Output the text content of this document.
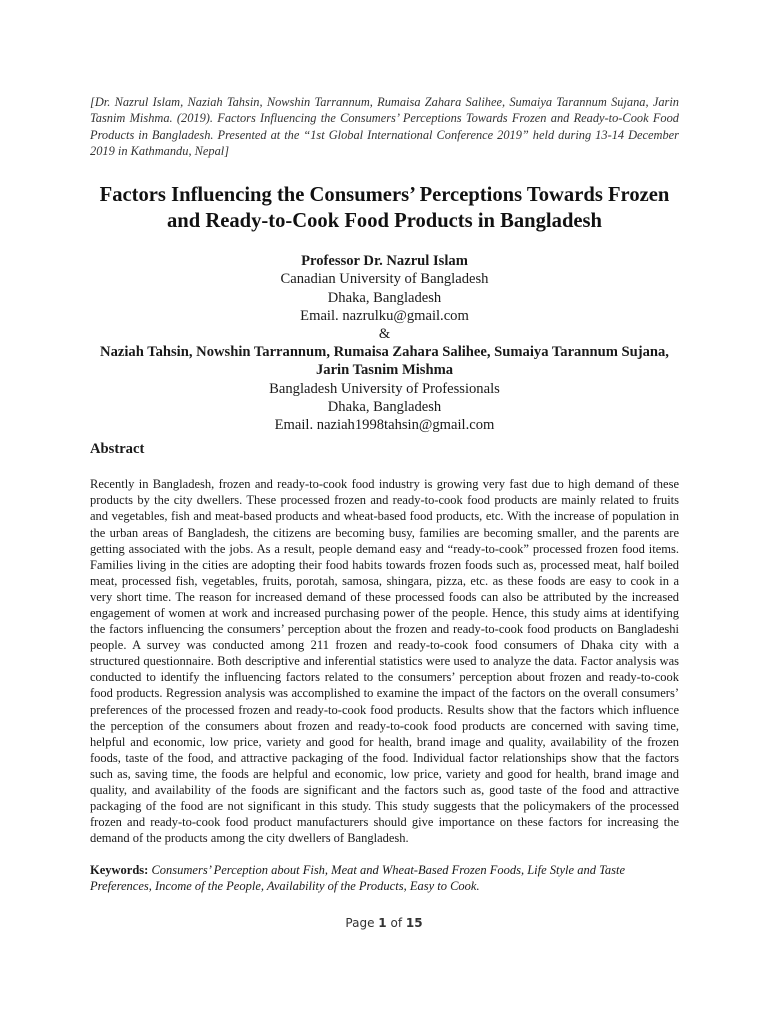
[Dr. Nazrul Islam, Naziah Tahsin, Nowshin Tarrannum, Rumaisa Zahara Salihee, Sumaiya Tarannum Sujana, Jarin Tasnim Mishma. (2019). Factors Influencing the Consumers’ Perceptions Towards Frozen and Ready-to-Cook Food Products in Bangladesh. Presented at the “1st Global International Conference 2019” held during 13-14 December 2019 in Kathmandu, Nepal]

Factors Influencing the Consumers’ Perceptions Towards Frozen and Ready-to-Cook Food Products in Bangladesh
Professor Dr. Nazrul Islam
Canadian University of Bangladesh
Dhaka, Bangladesh
Email. nazrulku@gmail.com
&
Naziah Tahsin, Nowshin Tarrannum, Rumaisa Zahara Salihee, Sumaiya Tarannum Sujana, Jarin Tasnim Mishma
Bangladesh University of Professionals
Dhaka, Bangladesh
Email. naziah1998tahsin@gmail.com
Abstract

Recently in Bangladesh, frozen and ready-to-cook food industry is growing very fast due to high demand of these products by the city dwellers. These processed frozen and ready-to-cook food products are mainly related to fruits and vegetables, fish and meat-based products and wheat-based food products, etc. With the increase of population in the urban areas of Bangladesh, the citizens are becoming busy, families are becoming smaller, and the parents are getting associated with the jobs. As a result, people demand easy and “ready-to-cook” processed frozen food items. Families living in the cities are adopting their food habits towards frozen foods such as, processed meat, half boiled meat, processed fish, vegetables, fruits, porotah, samosa, shingara, pizza, etc. as these foods are easy to cook in a very short time. The reason for increased demand of these processed foods can also be attributed by the increased engagement of women at work and increased purchasing power of the people. Hence, this study aims at identifying the factors influencing the consumers’ perception about the frozen and ready-to-cook food products on Bangladeshi people. A survey was conducted among 211 frozen and ready-to-cook food consumers of Dhaka city with a structured questionnaire. Both descriptive and inferential statistics were used to analyze the data. Factor analysis was conducted to identify the influencing factors related to the consumers’ perception about frozen and ready-to-cook food products. Regression analysis was accomplished to examine the impact of the factors on the overall consumers’ preferences of the processed frozen and ready-to-cook food products. Results show that the factors which influence the perception of the consumers about frozen and ready-to-cook food products are concerned with saving time, helpful and economic, low price, variety and good for health, brand image and quality, availability of the frozen foods, taste of the food, and attractive packaging of the food. Individual factor relationships show that the factors such as, saving time, the foods are helpful and economic, low price, variety and good for health, brand image and quality, and availability of the foods are significant and the factors such as, good taste of the food and attractive packaging of the food are not significant in this study. This study suggests that the policymakers of the processed frozen and ready-to-cook food product manufacturers should give importance on these factors for increasing the demand of the products among the city dwellers of Bangladesh.

Keywords: Consumers’ Perception about Fish, Meat and Wheat-Based Frozen Foods, Life Style and Taste Preferences, Income of the People, Availability of the Products, Easy to Cook.

Page 1 of 15
